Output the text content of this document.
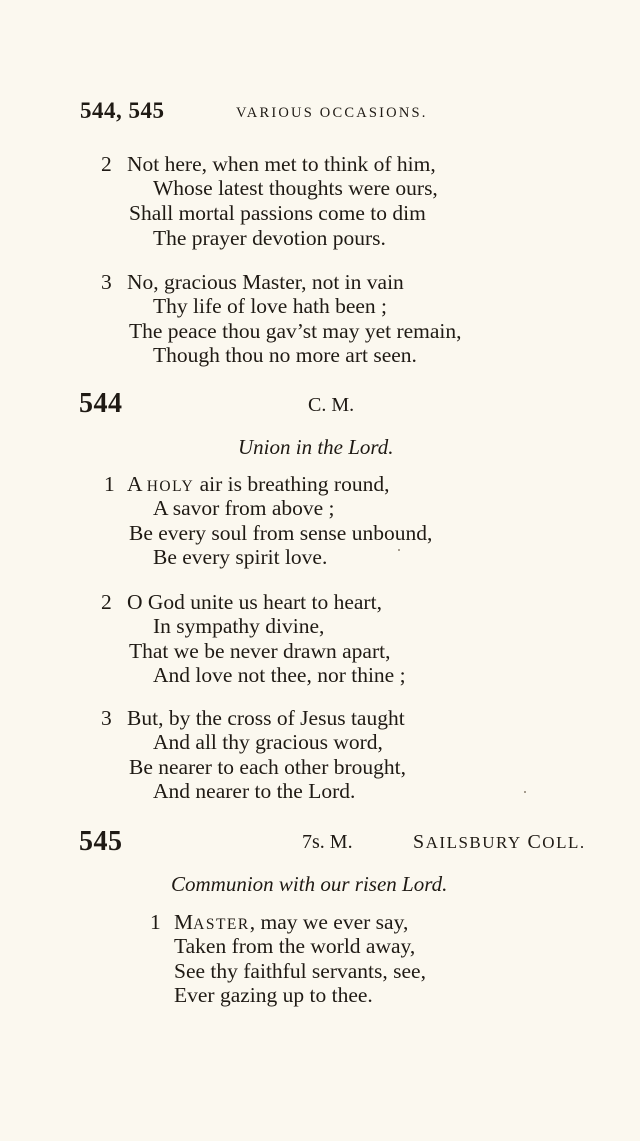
544, 545	VARIOUS OCCASIONS.
2 Not here, when met to think of him,
Whose latest thoughts were ours,
Shall mortal passions come to dim
The prayer devotion pours.
3 No, gracious Master, not in vain
Thy life of love hath been ;
The peace thou gav’st may yet remain,
Though thou no more art seen.
544	C. M.
Union in the Lord.
1 A HOLY air is breathing round,
A savor from above ;
Be every soul from sense unbound,
Be every spirit love.
2 O God unite us heart to heart,
In sympathy divine,
That we be never drawn apart,
And love not thee, nor thine ;
3 But, by the cross of Jesus taught
And all thy gracious word,
Be nearer to each other brought,
And nearer to the Lord.
545	7s. M.	SAILSBURY COLL.
Communion with our risen Lord.
1 MASTER, may we ever say,
Taken from the world away,
See thy faithful servants, see,
Ever gazing up to thee.
